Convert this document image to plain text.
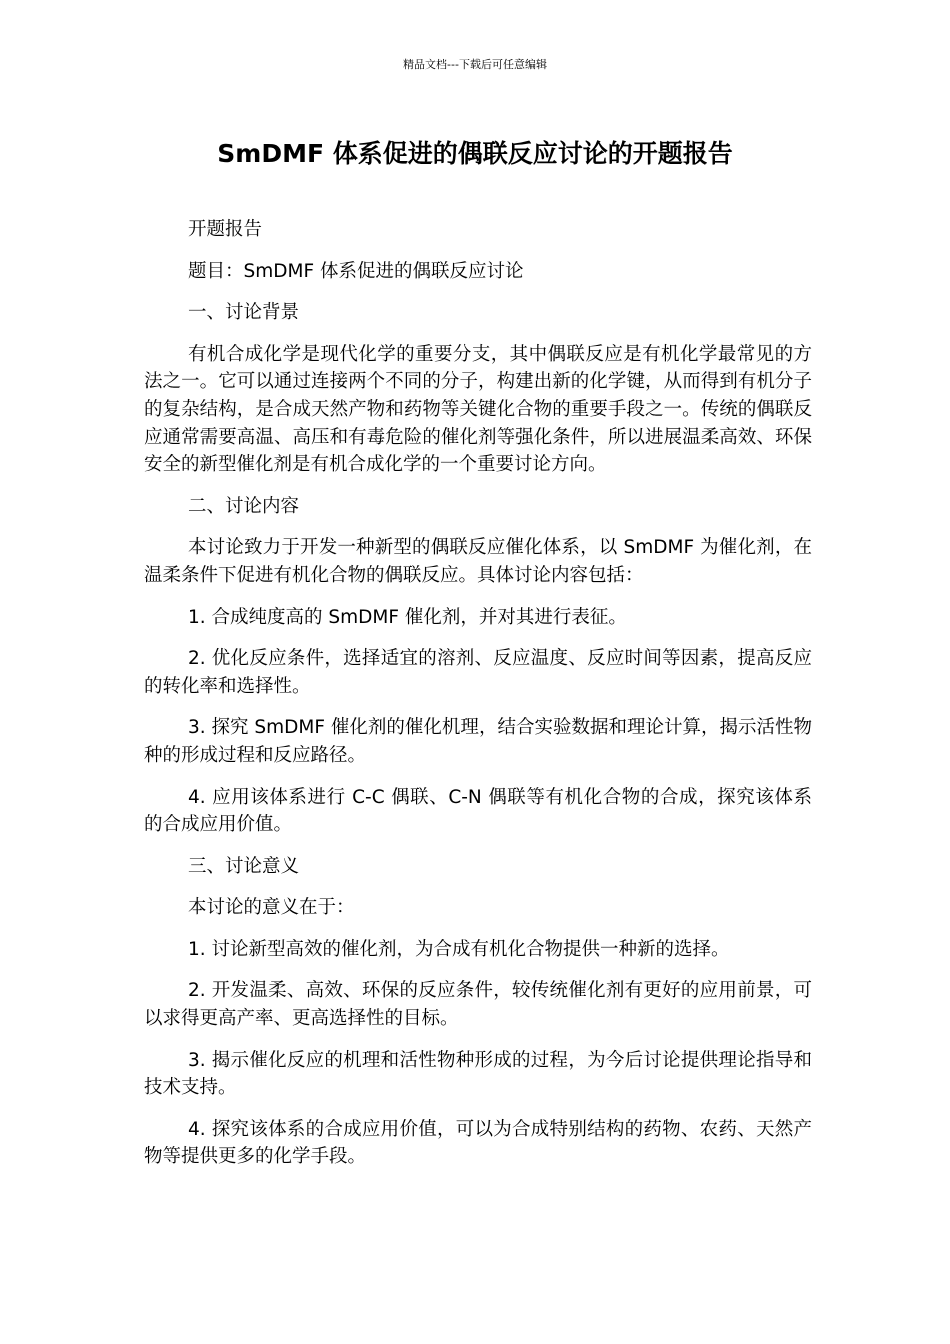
精品文档---下载后可任意编辑
SmDMF 体系促进的偶联反应讨论的开题报告

开题报告

题目：SmDMF 体系促进的偶联反应讨论

一、讨论背景

有机合成化学是现代化学的重要分支，其中偶联反应是有机化学最常见的方法之一。它可以通过连接两个不同的分子，构建出新的化学键，从而得到有机分子的复杂结构，是合成天然产物和药物等关键化合物的重要手段之一。传统的偶联反应通常需要高温、高压和有毒危险的催化剂等强化条件，所以进展温柔高效、环保安全的新型催化剂是有机合成化学的一个重要讨论方向。

二、讨论内容

本讨论致力于开发一种新型的偶联反应催化体系，以 SmDMF 为催化剂，在温柔条件下促进有机化合物的偶联反应。具体讨论内容包括：

1. 合成纯度高的 SmDMF 催化剂，并对其进行表征。

2. 优化反应条件，选择适宜的溶剂、反应温度、反应时间等因素，提高反应的转化率和选择性。

3. 探究 SmDMF 催化剂的催化机理，结合实验数据和理论计算，揭示活性物种的形成过程和反应路径。

4. 应用该体系进行 C-C 偶联、C-N 偶联等有机化合物的合成，探究该体系的合成应用价值。

三、讨论意义

本讨论的意义在于：

1. 讨论新型高效的催化剂，为合成有机化合物提供一种新的选择。

2. 开发温柔、高效、环保的反应条件，较传统催化剂有更好的应用前景，可以求得更高产率、更高选择性的目标。

3. 揭示催化反应的机理和活性物种形成的过程，为今后讨论提供理论指导和技术支持。

4. 探究该体系的合成应用价值，可以为合成特别结构的药物、农药、天然产物等提供更多的化学手段。
